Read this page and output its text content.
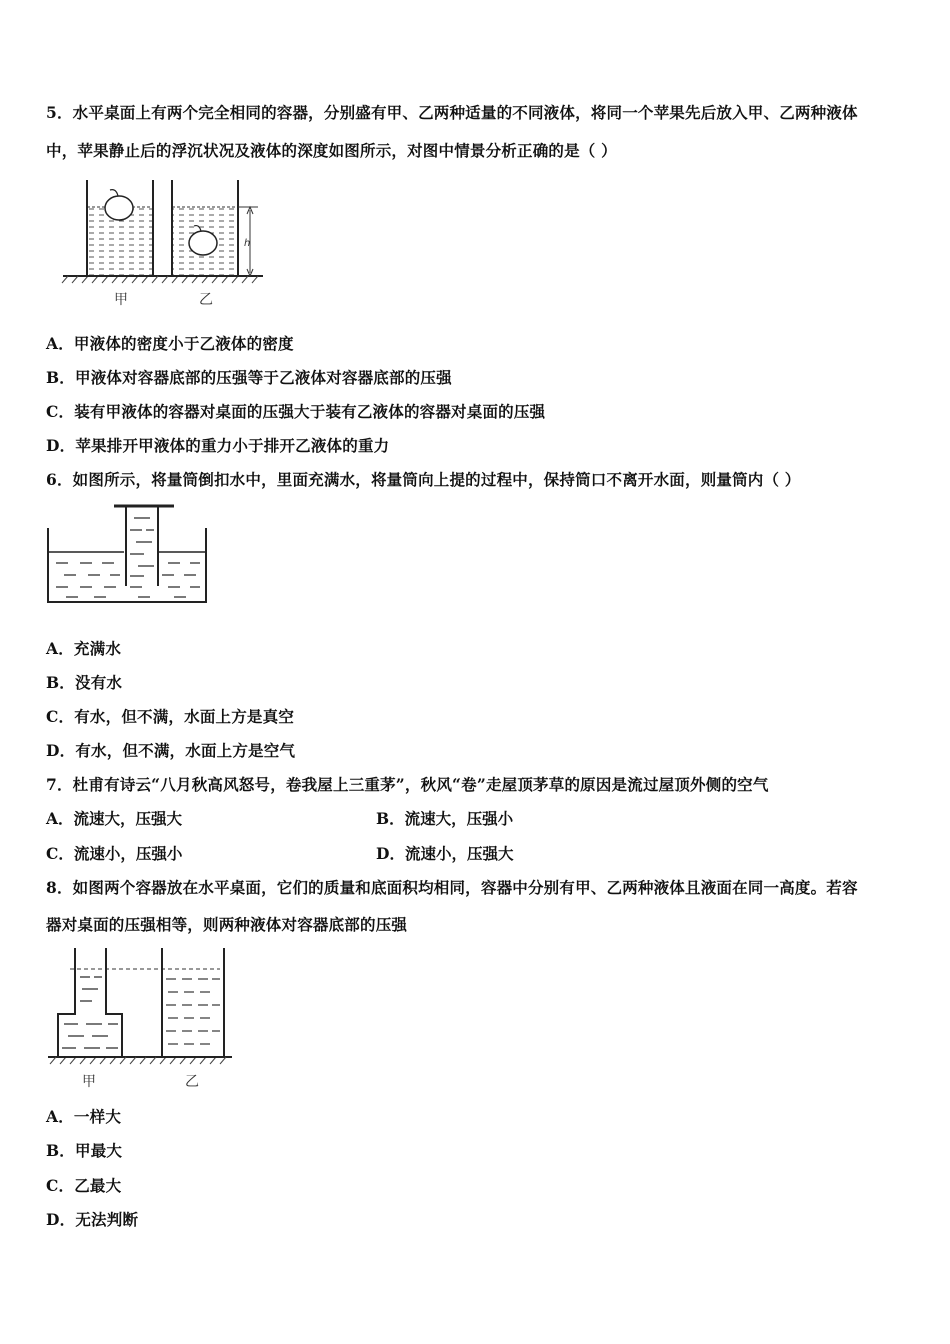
5．水平桌面上有两个完全相同的容器，分别盛有甲、乙两种适量的不同液体，将同一个苹果先后放入甲、乙两种液体
中，苹果静止后的浮沉状况及液体的深度如图所示，对图中情景分析正确的是（ ）
h
甲	乙
A．甲液体的密度小于乙液体的密度
B．甲液体对容器底部的压强等于乙液体对容器底部的压强
C．装有甲液体的容器对桌面的压强大于装有乙液体的容器对桌面的压强
D．苹果排开甲液体的重力小于排开乙液体的重力
6．如图所示，将量筒倒扣水中，里面充满水，将量筒向上提的过程中，保持筒口不离开水面，则量筒内（ ）
A．充满水
B．没有水
C．有水，但不满，水面上方是真空
D．有水，但不满，水面上方是空气
7．杜甫有诗云“八月秋高风怒号，卷我屋上三重茅”，秋风“卷”走屋顶茅草的原因是流过屋顶外侧的空气
A．流速大，压强大	B．流速大，压强小
C．流速小，压强小	D．流速小，压强大
8．如图两个容器放在水平桌面，它们的质量和底面积均相同，容器中分别有甲、乙两种液体且液面在同一高度。若容
器对桌面的压强相等，则两种液体对容器底部的压强
甲	乙
A．一样大
B．甲最大
C．乙最大
D．无法判断
